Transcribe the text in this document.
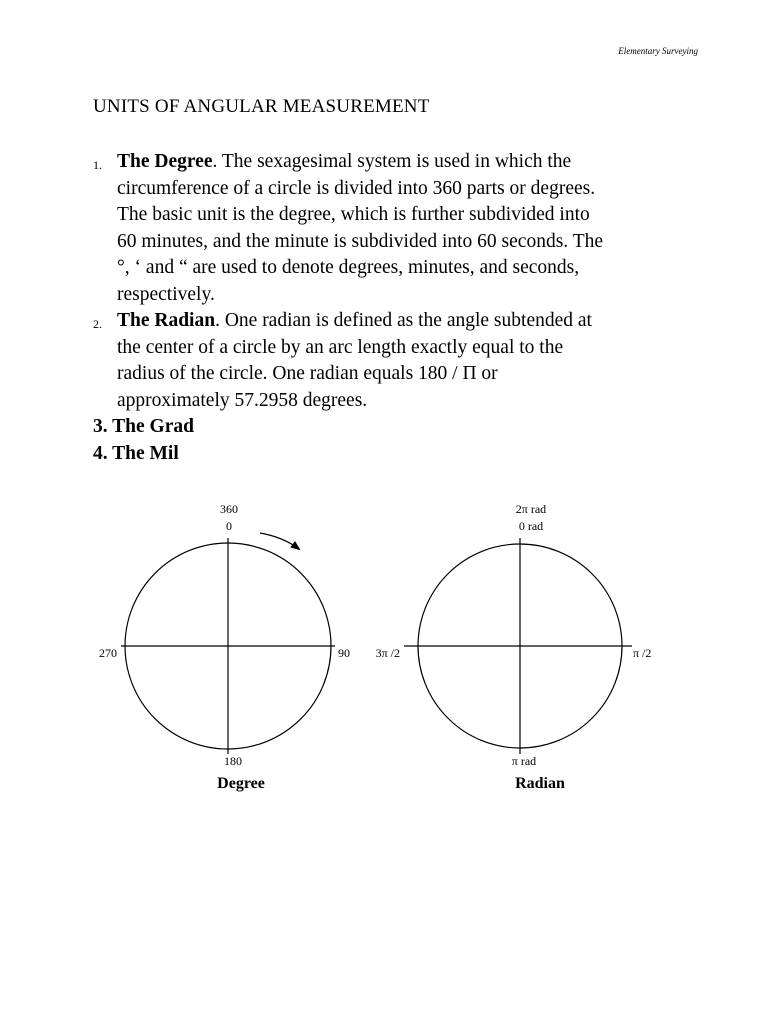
Elementary Surveying
UNITS OF ANGULAR MEASUREMENT
1. The Degree. The sexagesimal system is used in which the
circumference of a circle is divided into 360 parts or degrees.
The basic unit is the degree, which is further subdivided into
60 minutes, and the minute is subdivided into 60 seconds. The
°, ‘ and “ are used to denote degrees, minutes, and seconds,
respectively.
2. The Radian. One radian is defined as the angle subtended at
the center of a circle by an arc length exactly equal to the
radius of the circle. One radian equals 180 / Π or
approximately 57.2958 degrees.
3. The Grad
4. The Mil
360
0
90
270
180
Degree
2π rad
0 rad
π /2
3π /2
π rad
Radian
